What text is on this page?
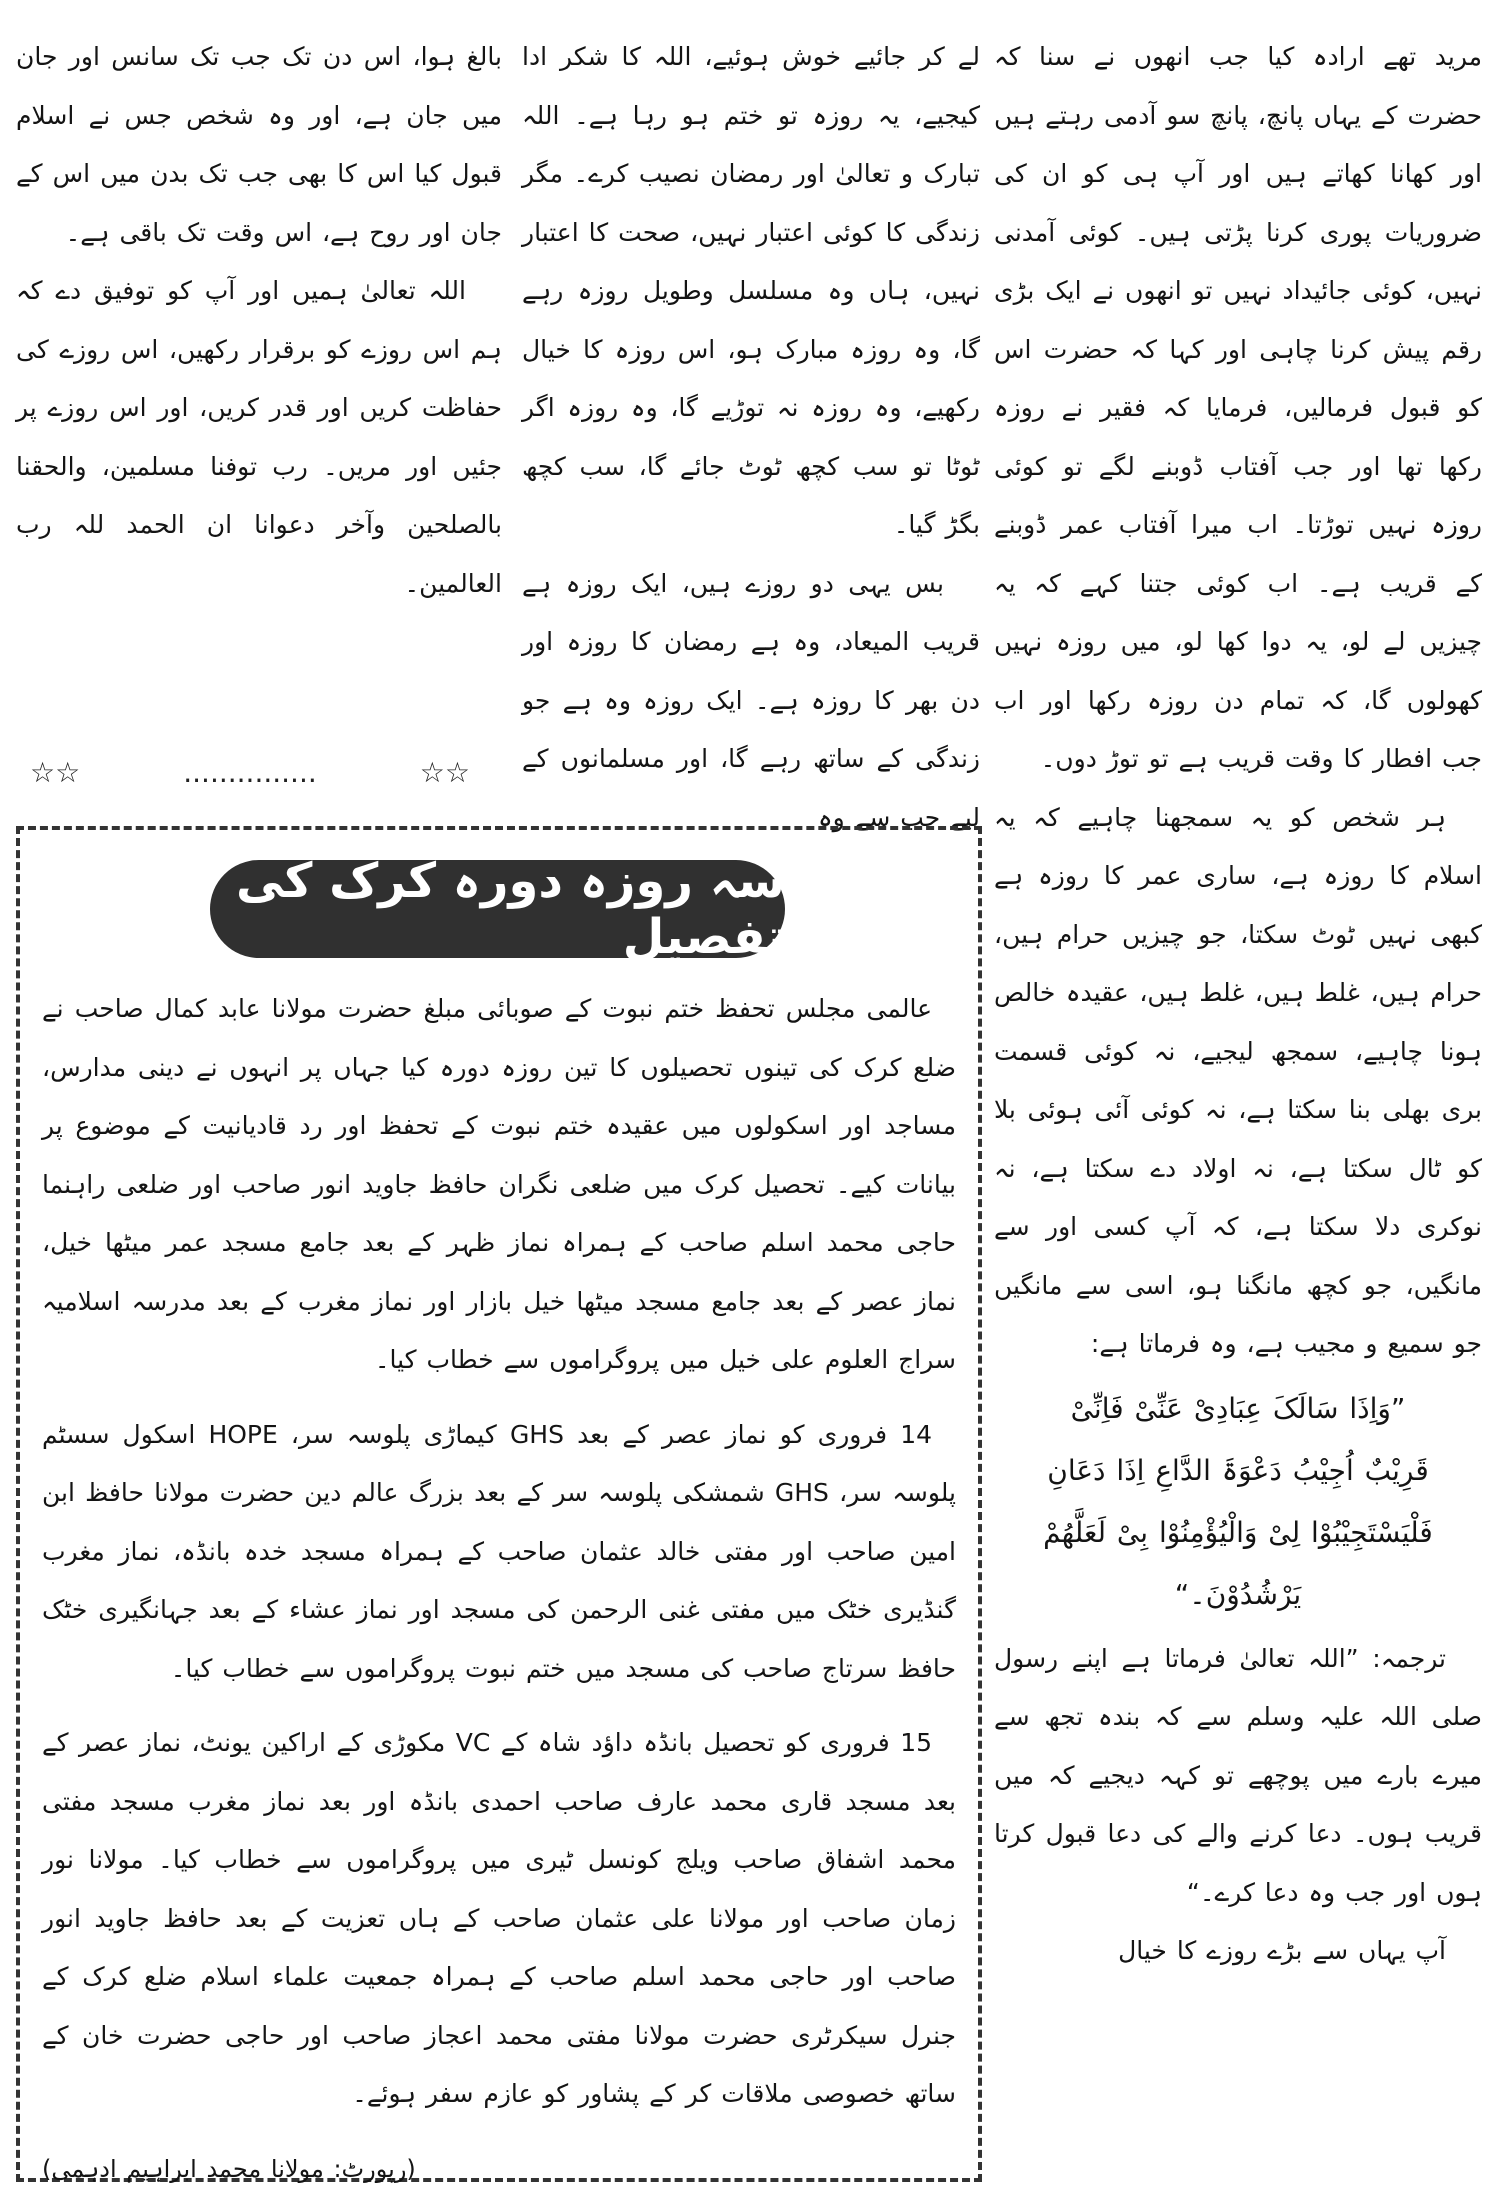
مرید تھے ارادہ کیا جب انھوں نے سنا کہ حضرت کے یہاں پانچ، پانچ سو آدمی رہتے ہیں اور کھانا کھاتے ہیں اور آپ ہی کو ان کی ضروریات پوری کرنا پڑتی ہیں۔ کوئی آمدنی نہیں، کوئی جائیداد نہیں تو انھوں نے ایک بڑی رقم پیش کرنا چاہی اور کہا کہ حضرت اس کو قبول فرمالیں، فرمایا کہ فقیر نے روزہ رکھا تھا اور جب آفتاب ڈوبنے لگے تو کوئی روزہ نہیں توڑتا۔ اب میرا آفتاب عمر ڈوبنے کے قریب ہے۔ اب کوئی جتنا کہے کہ یہ چیزیں لے لو، یہ دوا کھا لو، میں روزہ نہیں کھولوں گا، کہ تمام دن روزہ رکھا اور اب جب افطار کا وقت قریب ہے تو توڑ دوں۔

ہر شخص کو یہ سمجھنا چاہیے کہ یہ اسلام کا روزہ ہے، ساری عمر کا روزہ ہے کبھی نہیں ٹوٹ سکتا، جو چیزیں حرام ہیں، حرام ہیں، غلط ہیں، غلط ہیں، عقیدہ خالص ہونا چاہیے، سمجھ لیجیے، نہ کوئی قسمت بری بھلی بنا سکتا ہے، نہ کوئی آئی ہوئی بلا کو ٹال سکتا ہے، نہ اولاد دے سکتا ہے، نہ نوکری دلا سکتا ہے، کہ آپ کسی اور سے مانگیں، جو کچھ مانگنا ہو، اسی سے مانگیں جو سمیع و مجیب ہے، وہ فرماتا ہے:

”وَاِذَا سَالَکَ عِبَادِیْ عَنِّیْ فَاِنِّیْ

قَرِیْبٌ اُجِیْبُ دَعْوَۃَ الدَّاعِ اِذَا دَعَانِ

فَلْیَسْتَجِیْبُوْا لِیْ وَالْیُؤْمِنُوْا بِیْ لَعَلَّھُمْ

یَرْشُدُوْنَ۔“

ترجمہ: ”اللہ تعالیٰ فرماتا ہے اپنے رسول صلی اللہ علیہ وسلم سے کہ بندہ تجھ سے میرے بارے میں پوچھے تو کہہ دیجیے کہ میں قریب ہوں۔ دعا کرنے والے کی دعا قبول کرتا ہوں اور جب وہ دعا کرے۔“

آپ یہاں سے بڑے روزے کا خیال

لے کر جائیے خوش ہوئیے، اللہ کا شکر ادا کیجیے، یہ روزہ تو ختم ہو رہا ہے۔ اللہ تبارک و تعالیٰ اور رمضان نصیب کرے۔ مگر زندگی کا کوئی اعتبار نہیں، صحت کا اعتبار نہیں، ہاں وہ مسلسل وطویل روزہ رہے گا، وہ روزہ مبارک ہو، اس روزہ کا خیال رکھیے، وہ روزہ نہ توڑیے گا، وہ روزہ اگر ٹوٹا تو سب کچھ ٹوٹ جائے گا، سب کچھ بگڑ گیا۔

بس یہی دو روزے ہیں، ایک روزہ ہے قریب المیعاد، وہ ہے رمضان کا روزہ اور دن بھر کا روزہ ہے۔ ایک روزہ وہ ہے جو زندگی کے ساتھ رہے گا، اور مسلمانوں کے لیے جب سے وہ

بالغ ہوا، اس دن تک جب تک سانس اور جان میں جان ہے، اور وہ شخص جس نے اسلام قبول کیا اس کا بھی جب تک بدن میں اس کے جان اور روح ہے، اس وقت تک باقی ہے۔

اللہ تعالیٰ ہمیں اور آپ کو توفیق دے کہ ہم اس روزے کو برقرار رکھیں، اس روزے کی حفاظت کریں اور قدر کریں، اور اس روزے پر جئیں اور مریں۔ رب توفنا مسلمین، والحقنا بالصلحین وآخر دعوانا ان الحمد للہ رب العالمین۔

☆☆
...............
☆☆
سہ روزہ دورہ کرک کی تفصیل

عالمی مجلس تحفظ ختم نبوت کے صوبائی مبلغ حضرت مولانا عابد کمال صاحب نے ضلع کرک کی تینوں تحصیلوں کا تین روزہ دورہ کیا جہاں پر انہوں نے دینی مدارس، مساجد اور اسکولوں میں عقیدہ ختم نبوت کے تحفظ اور رد قادیانیت کے موضوع پر بیانات کیے۔ تحصیل کرک میں ضلعی نگران حافظ جاوید انور صاحب اور ضلعی راہنما حاجی محمد اسلم صاحب کے ہمراہ نماز ظہر کے بعد جامع مسجد عمر میٹھا خیل، نماز عصر کے بعد جامع مسجد میٹھا خیل بازار اور نماز مغرب کے بعد مدرسہ اسلامیہ سراج العلوم علی خیل میں پروگراموں سے خطاب کیا۔

14 فروری کو نماز عصر کے بعد GHS کیماڑی پلوسہ سر، HOPE اسکول سسٹم پلوسہ سر، GHS شمشکی پلوسہ سر کے بعد بزرگ عالم دین حضرت مولانا حافظ ابن امین صاحب اور مفتی خالد عثمان صاحب کے ہمراہ مسجد خدہ بانڈہ، نماز مغرب گنڈیری خٹک میں مفتی غنی الرحمن کی مسجد اور نماز عشاء کے بعد جہانگیری خٹک حافظ سرتاج صاحب کی مسجد میں ختم نبوت پروگراموں سے خطاب کیا۔

15 فروری کو تحصیل بانڈہ داؤد شاہ کے VC مکوڑی کے اراکین یونٹ، نماز عصر کے بعد مسجد قاری محمد عارف صاحب احمدی بانڈہ اور بعد نماز مغرب مسجد مفتی محمد اشفاق صاحب ویلج کونسل ٹیری میں پروگراموں سے خطاب کیا۔ مولانا نور زمان صاحب اور مولانا علی عثمان صاحب کے ہاں تعزیت کے بعد حافظ جاوید انور صاحب اور حاجی محمد اسلم صاحب کے ہمراہ جمعیت علماء اسلام ضلع کرک کے جنرل سیکرٹری حضرت مولانا مفتی محمد اعجاز صاحب اور حاجی حضرت خان کے ساتھ خصوصی ملاقات کر کے پشاور کو عازم سفر ہوئے۔

(رپورٹ: مولانا محمد ابراہیم ادہمی)
